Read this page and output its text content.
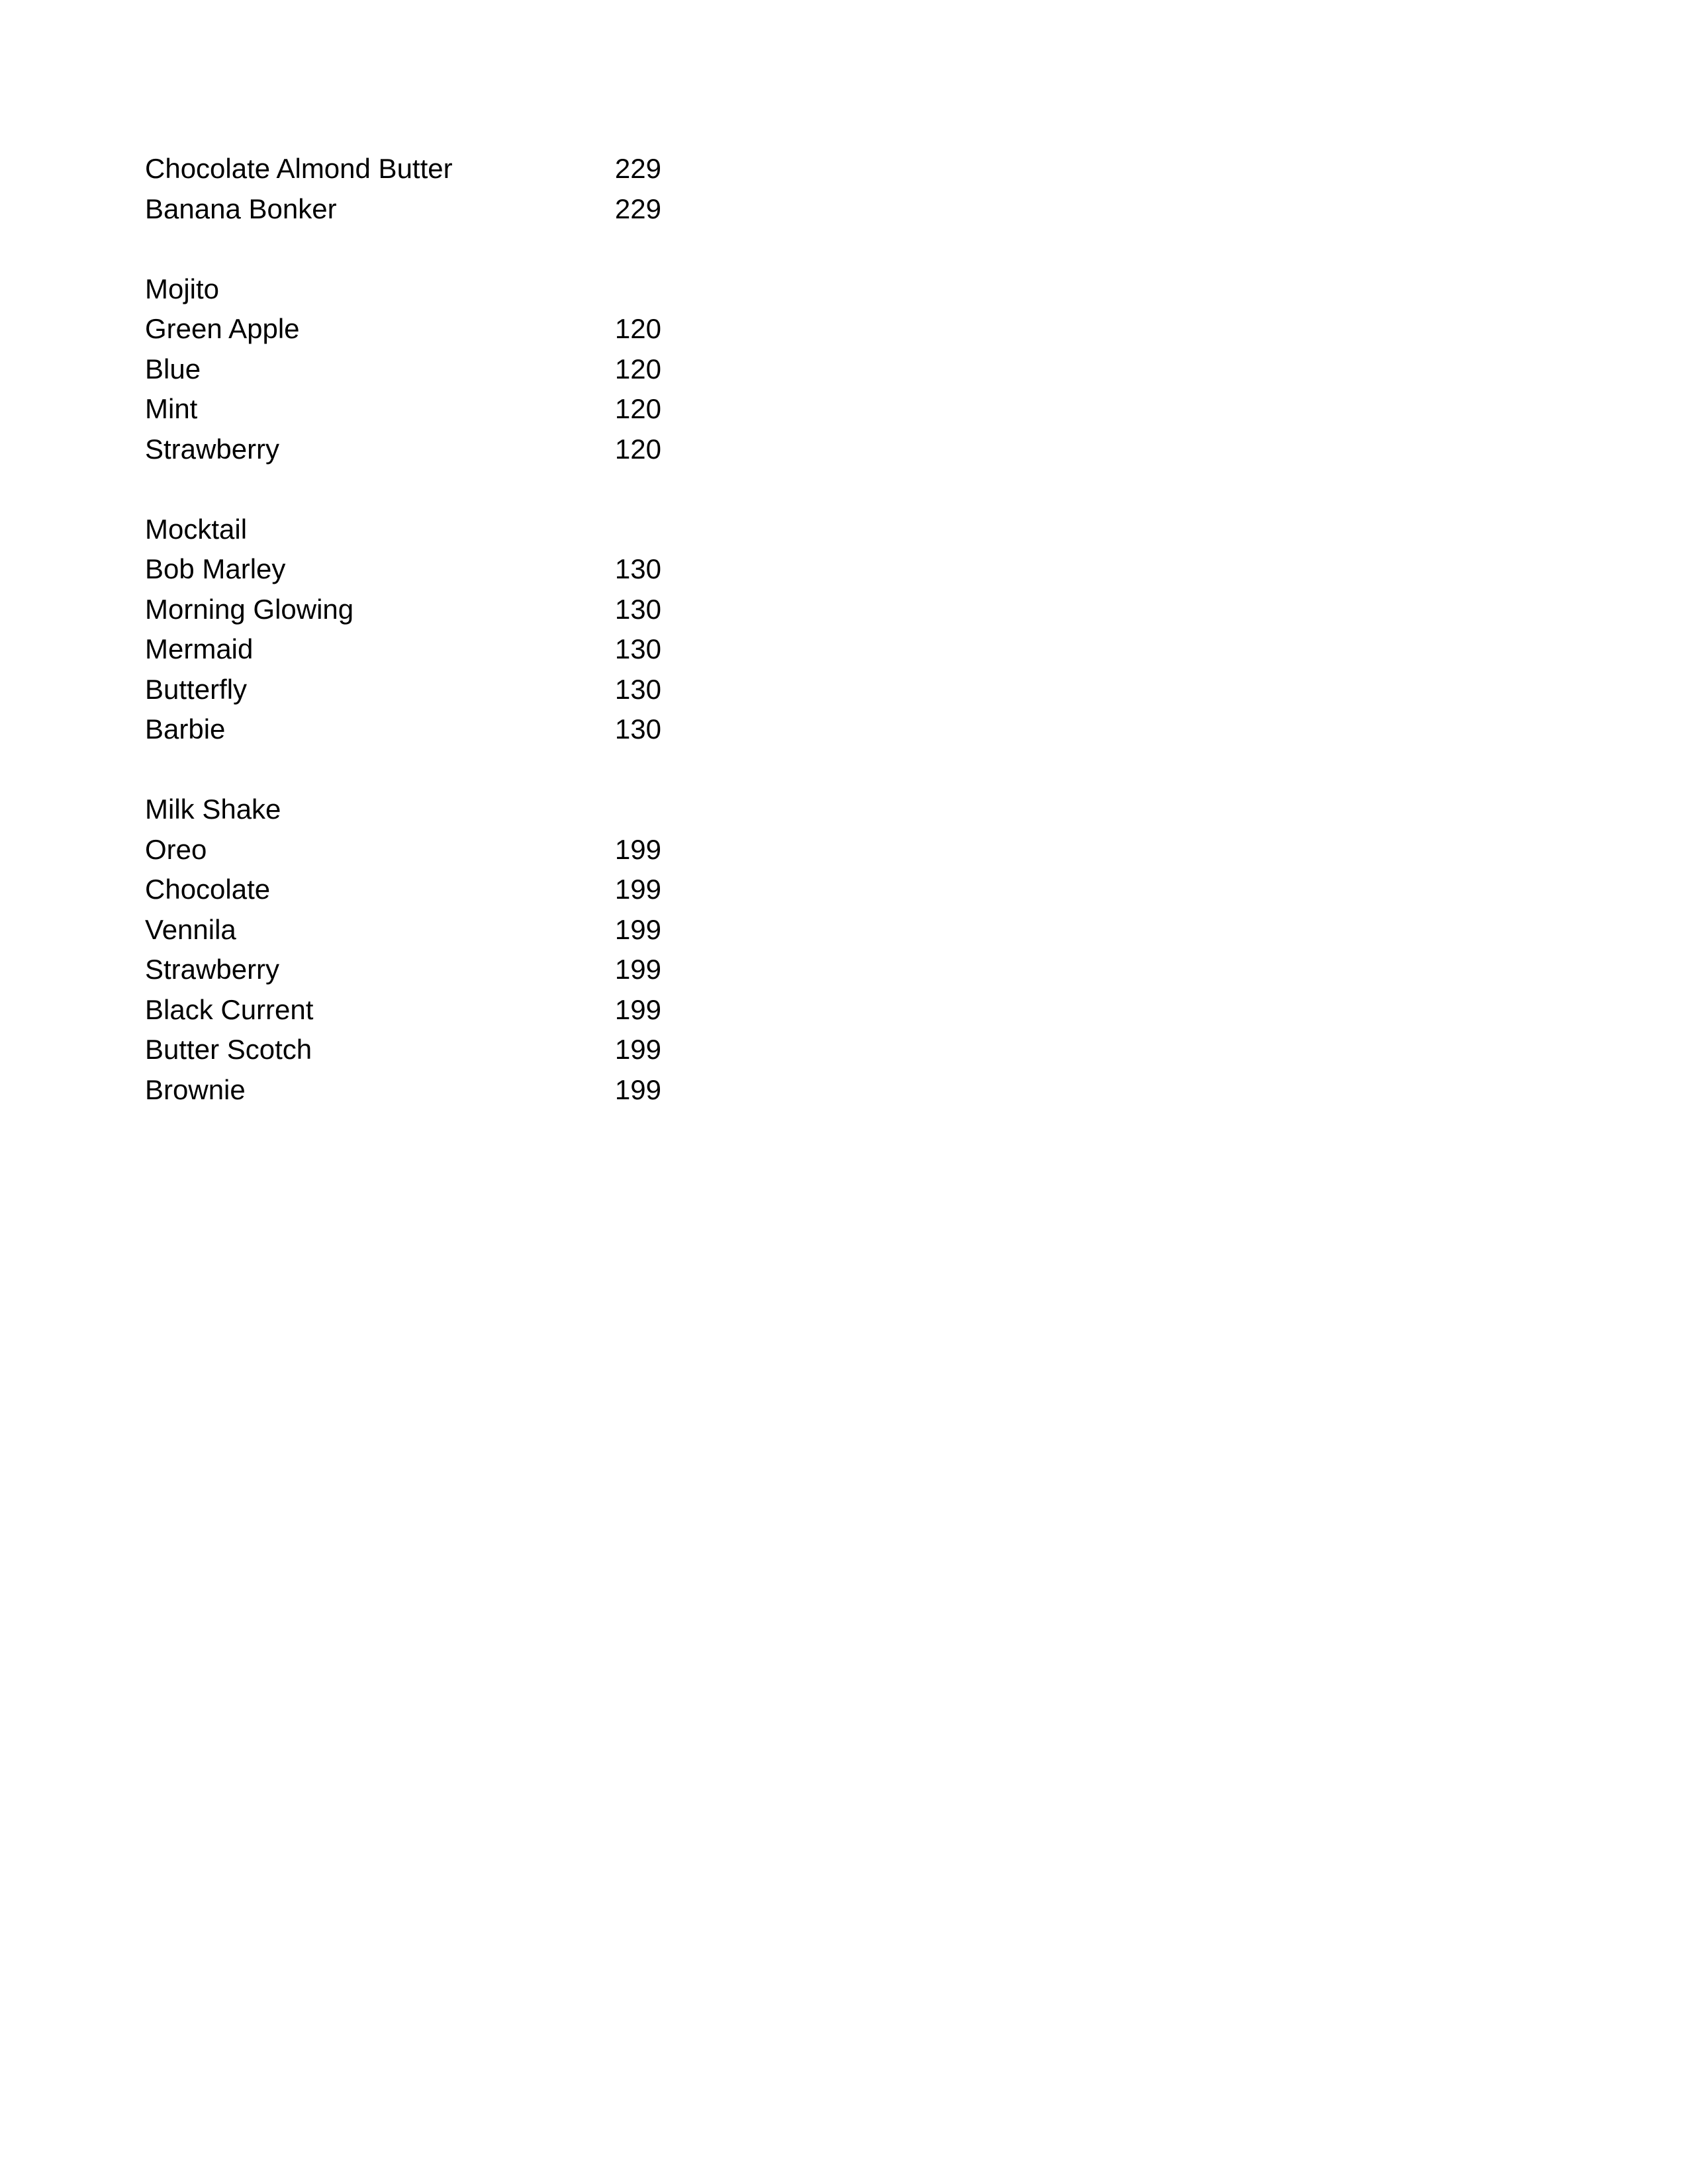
Chocolate Almond Butter	229
Banana Bonker	229
Mojito
Green Apple	120
Blue	120
Mint	120
Strawberry	120
Mocktail
Bob Marley	130
Morning Glowing	130
Mermaid	130
Butterfly	130
Barbie	130
Milk Shake
Oreo	199
Chocolate	199
Vennila	199
Strawberry	199
Black Current	199
Butter Scotch	199
Brownie	199
